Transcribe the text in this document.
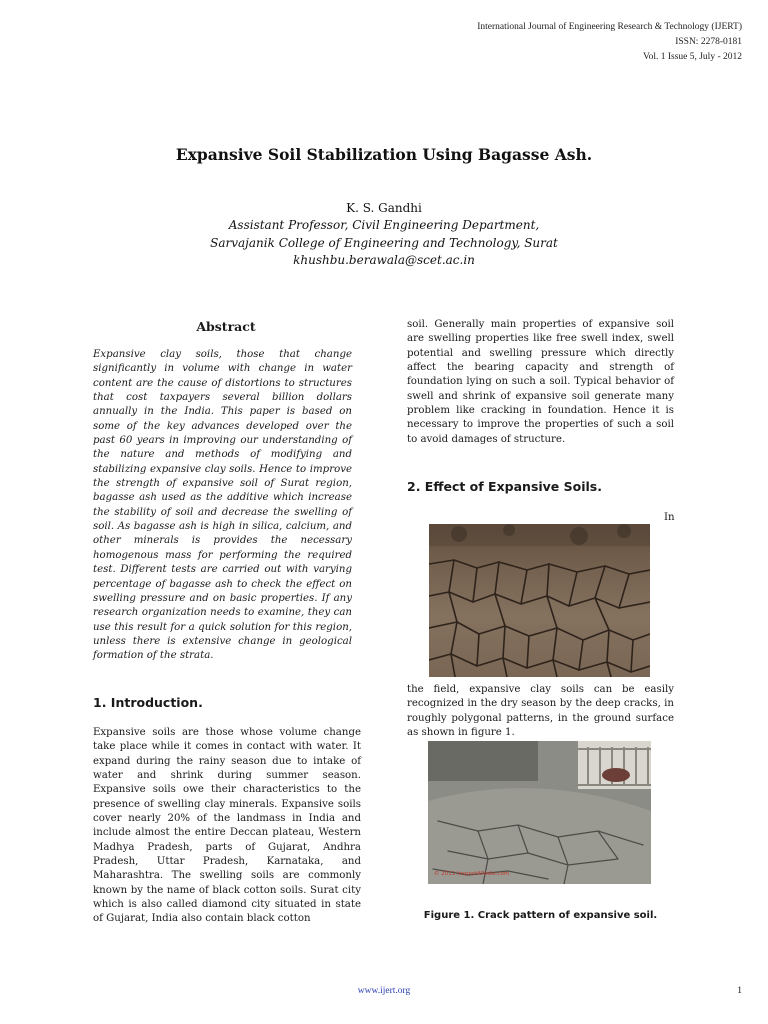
International Journal of Engineering Research & Technology (IJERT)
ISSN: 2278-0181
Vol. 1 Issue 5, July - 2012
Expansive Soil Stabilization Using Bagasse Ash.
K. S. Gandhi
Assistant Professor, Civil Engineering Department,
Sarvajanik College of Engineering and Technology, Surat
khushbu.berawala@scet.ac.in
Abstract
Expansive clay soils, those that change significantly in volume with change in water content are the cause of distortions to structures that cost taxpayers several billion dollars annually in the India. This paper is based on some of the key advances developed over the past 60 years in improving our understanding of the nature and methods of modifying and stabilizing expansive clay soils. Hence to improve the strength of expansive soil of Surat region, bagasse ash used as the additive which increase the stability of soil and decrease the swelling of soil. As bagasse ash is high in silica, calcium, and other minerals is provides the necessary homogenous mass for performing the required test. Different tests are carried out with varying percentage of bagasse ash to check the effect on swelling pressure and on basic properties. If any research organization needs to examine, they can use this result for a quick solution for this region, unless there is extensive change in geological formation of the strata.
1. Introduction.
Expansive soils are those whose volume change take place while it comes in contact with water. It expand during the rainy season due to intake of water and shrink during summer season. Expansive soils owe their characteristics to the presence of swelling clay minerals. Expansive soils cover nearly 20% of the landmass in India and include almost the entire Deccan plateau, Western Madhya Pradesh, parts of Gujarat, Andhra Pradesh, Uttar Pradesh, Karnataka, and Maharashtra. The swelling soils are commonly known by the name of black cotton soils. Surat city which is also called diamond city situated in state of Gujarat, India also contain black cotton
soil. Generally main properties of expansive soil are swelling properties like free swell index, swell potential and swelling pressure which directly affect the bearing capacity and strength of foundation lying on such a soil. Typical behavior of swell and shrink of expansive soil generate many problem like cracking in foundation. Hence it is necessary to improve the properties of such a soil to avoid damages of structure.
2. Effect of Expansive Soils.
In
the field, expansive clay soils can be easily recognized in the dry season by the deep cracks, in roughly polygonal patterns, in the ground surface as shown in figure 1.
© 2011 InspectAPedia.com
Figure 1. Crack pattern of expansive soil.
www.ijert.org	1
